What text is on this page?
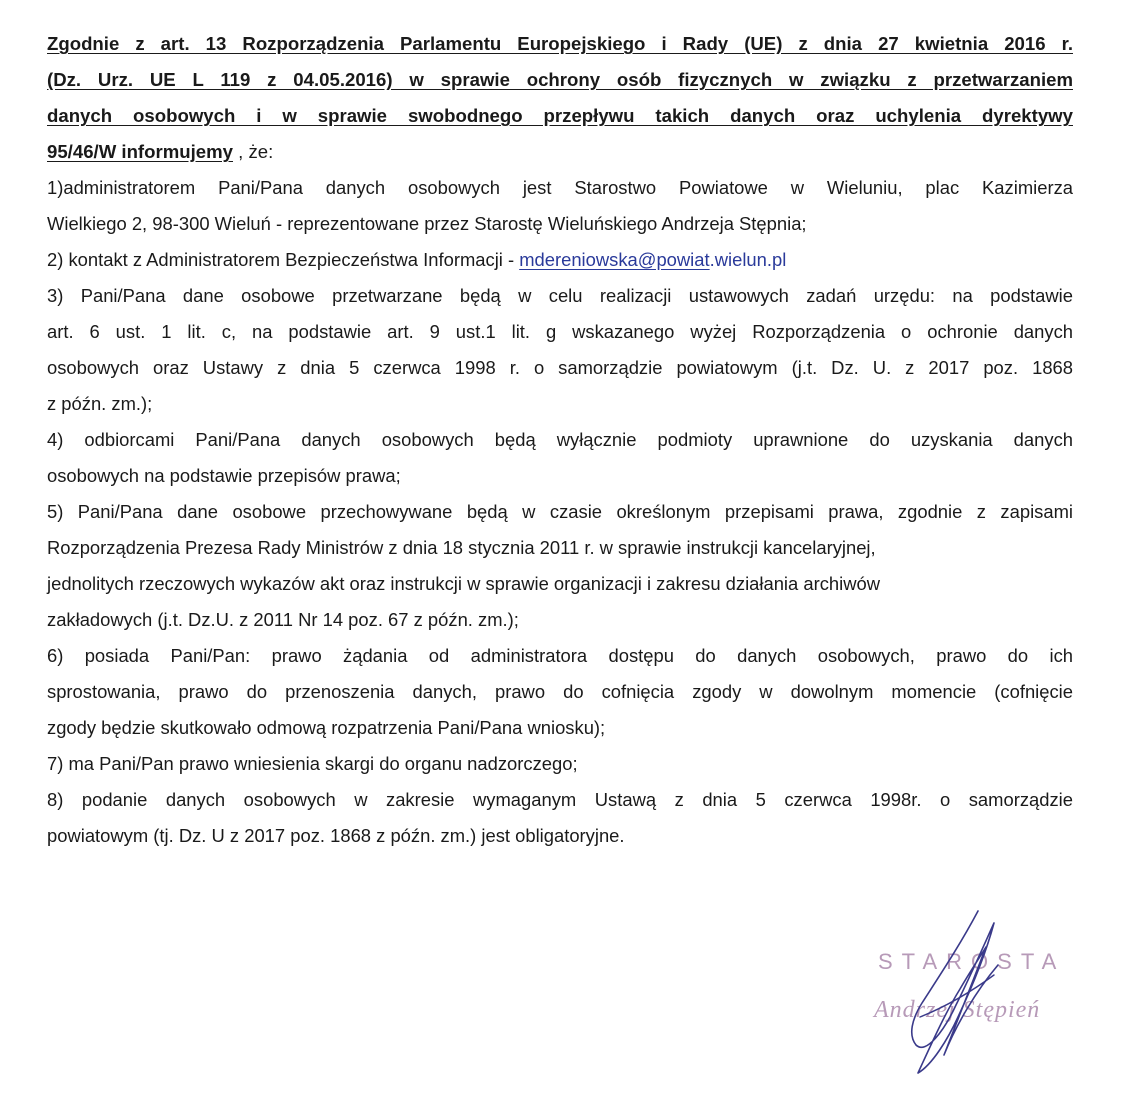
Zgodnie z art. 13 Rozporządzenia Parlamentu Europejskiego i Rady (UE) z dnia 27 kwietnia 2016 r.
(Dz. Urz. UE L 119 z 04.05.2016) w sprawie ochrony osób fizycznych w związku z przetwarzaniem
danych osobowych i w sprawie swobodnego przepływu takich danych oraz uchylenia dyrektywy
95/46/W informujemy , że:
1)administratorem Pani/Pana danych osobowych jest Starostwo Powiatowe w Wieluniu, plac Kazimierza
Wielkiego 2, 98-300 Wieluń - reprezentowane przez Starostę Wieluńskiego Andrzeja Stępnia;
2) kontakt z Administratorem Bezpieczeństwa Informacji - mdereniowska@powiat.wielun.pl
3) Pani/Pana dane osobowe przetwarzane będą w celu realizacji ustawowych zadań urzędu: na podstawie
art. 6 ust. 1 lit. c, na podstawie art. 9 ust.1 lit. g wskazanego wyżej Rozporządzenia o ochronie danych
osobowych oraz Ustawy z dnia 5 czerwca 1998 r. o samorządzie powiatowym (j.t. Dz. U. z 2017 poz. 1868
z późn. zm.);
4) odbiorcami Pani/Pana danych osobowych będą wyłącznie podmioty uprawnione do uzyskania danych
osobowych na podstawie przepisów prawa;
5) Pani/Pana dane osobowe przechowywane będą w czasie określonym przepisami prawa, zgodnie z zapisami
Rozporządzenia Prezesa Rady Ministrów z dnia 18 stycznia 2011 r. w sprawie instrukcji kancelaryjnej,
jednolitych rzeczowych wykazów akt oraz instrukcji w sprawie organizacji i zakresu działania archiwów
zakładowych (j.t. Dz.U. z 2011 Nr 14 poz. 67 z późn. zm.);
6) posiada Pani/Pan: prawo żądania od administratora dostępu do danych osobowych, prawo do ich
sprostowania, prawo do przenoszenia danych, prawo do cofnięcia zgody w dowolnym momencie (cofnięcie
zgody będzie skutkowało odmową rozpatrzenia Pani/Pana wniosku);
7) ma Pani/Pan prawo wniesienia skargi do organu nadzorczego;
8) podanie danych osobowych w zakresie wymaganym Ustawą z dnia 5 czerwca 1998r. o samorządzie
powiatowym (tj. Dz. U z 2017 poz. 1868 z późn. zm.) jest obligatoryjne.
STAROSTA
Andrzej Stępień
